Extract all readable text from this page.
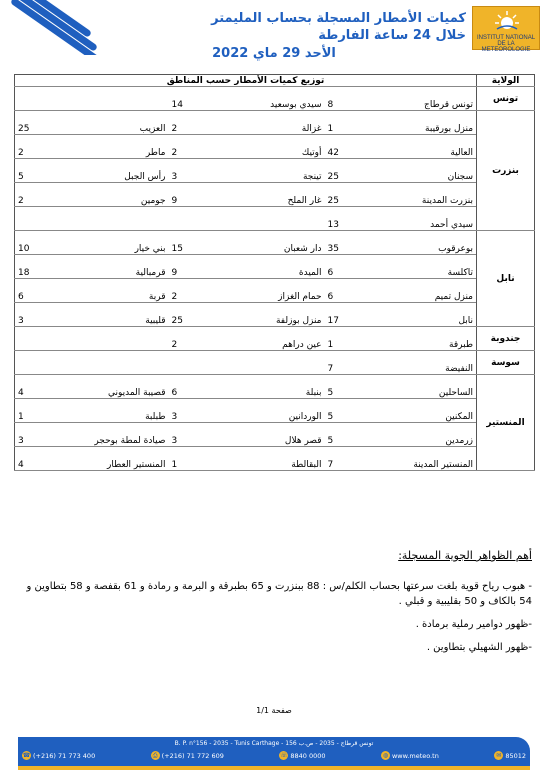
INSTITUT NATIONAL DE LA METEOROLOGIE
كميات الأمطار المسجلة بحساب المليمتر
خلال 24 ساعة الفارطة
الأحد 29 ماي 2022
الولاية	توزيع كميات الأمطار حسب المناطق					
تونس	تونس قرطاج	8	سيدي بوسعيد	14		
بنزرت	منزل بورقيبة	1	غزالة	2	العزيب	25
	العالية	42	أوتيك	2	ماطر	2
	سجنان	25	تينجة	3	رأس الجبل	5
	بنزرت المدينة	25	غار الملح	9	جومين	2
	سيدي أحمد	13				
نابل	بوعرقوب	35	دار شعبان	15	بني خيار	10
	تاكلسة	6	الميدة	9	قرمبالية	18
	منزل تميم	6	حمام الغزاز	2	قربة	6
	نابل	17	منزل بوزلفة	25	قليبية	3
جندوبة	طبرقة	1	عين دراهم	2		
سوسة	النفيضة	7				
المنستير	الساحلين	5	بنبلة	6	قصيبة المديوني	4
	المكنين	5	الوردانين	3	طبلبة	1
	زرمدين	5	قصر هلال	3	صيادة لمطة بوحجر	3
	المنستير المدينة	7	البقالطة	1	المنستير العطار	4
أهم الظواهر الجوية المسجلة:
- هبوب رياح قوية بلغت سرعتها بحساب الكلم/س : 88 ببنزرت و 65 بطبرقة و البرمة و رمادة و 61 بقفصة و 58 بتطاوين و 54 بالكاف و 50 بقليبية و قبلي .
-ظهور دوامير رملية برمادة .
-ظهور الشهيلي بتطاوين .
صفحة 1/1
B. P. n°156 - 2035 - Tunis Carthage - تونس قرطاج - 2035 - ص.ب 156
☎ (+216) 71 773 400	⎙ (+216) 71 772 609	☏ 8840 0000	◍ www.meteo.tn	✉ 85012
